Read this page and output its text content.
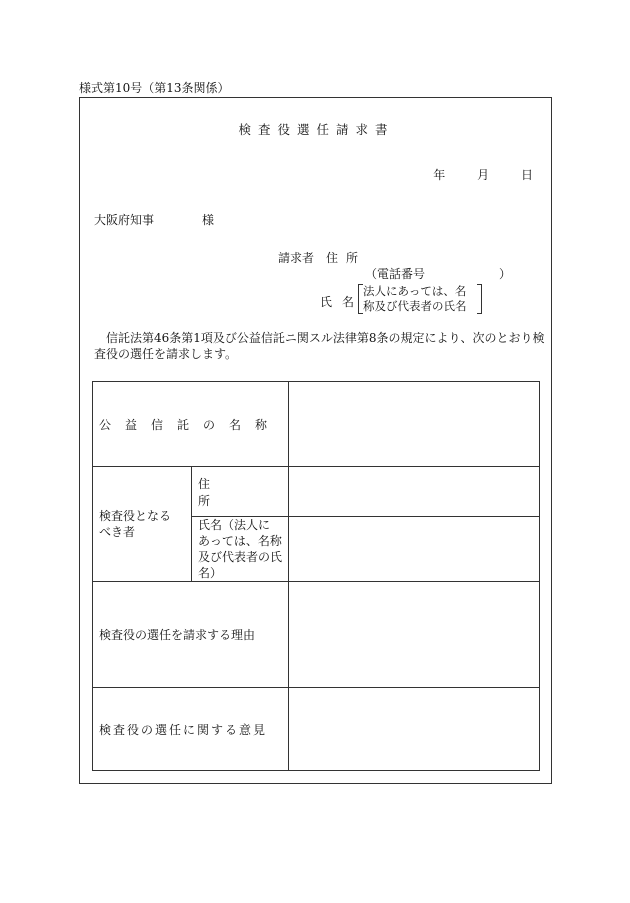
様式第10号（第13条関係）
検査役選任請求書
年	月	日
大阪府知事	様
請求者 住所
（電話番号	）
氏名
法人にあっては、名称及び代表者の氏名
信託法第46条第1項及び公益信託ニ関スル法律第8条の規定により、次のとおり検査役の選任を請求します。
公益信託の名称		

検査役となるべき者	住所	

	氏名（法人にあっては、名称及び代表者の氏名）	

検査役の選任を請求する理由		

検査役の選任に関する意見		
